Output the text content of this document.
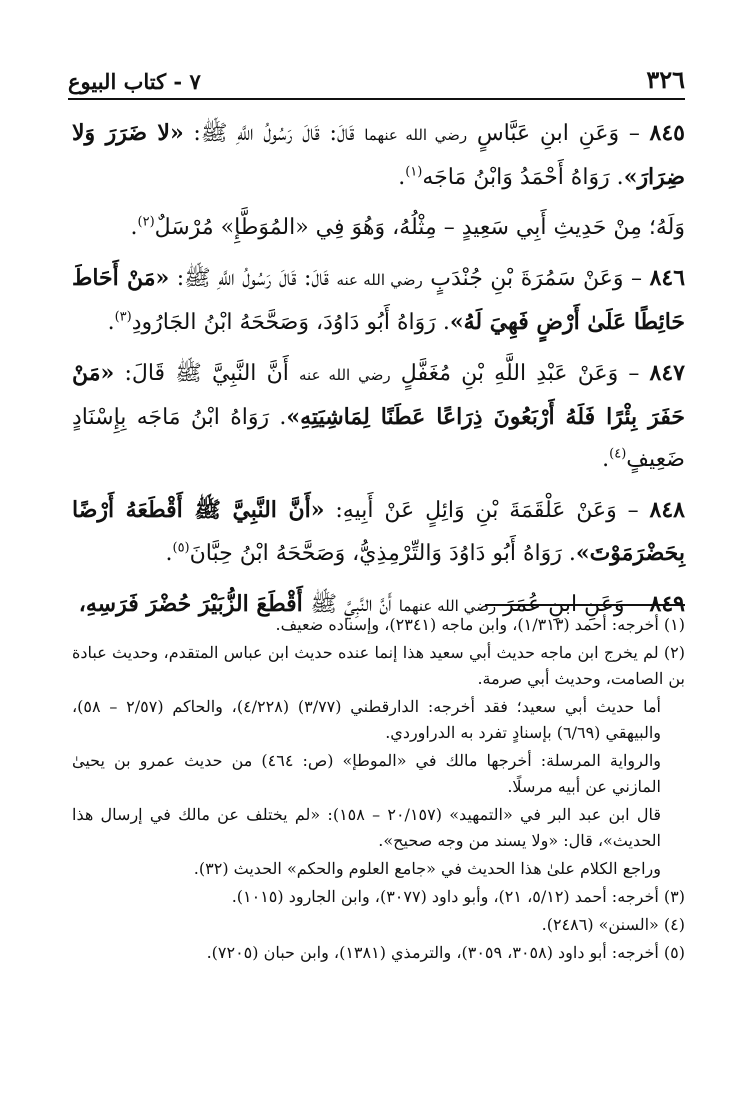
٣٢٦
٧ - كتاب البيوع

٨٤٥ – وَعَنِ ابنِ عَبَّاسٍ رضي الله عنهما قَالَ: قَالَ رَسُولُ اللَّهِ ﷺ: «لا ضَرَرَ وَلا ضِرَارَ». رَوَاهُ أَحْمَدُ وَابْنُ مَاجَه$^{(١)}$.

وَلَهُ؛ مِنْ حَدِيثِ أَبِي سَعِيدٍ – مِثْلُهُ، وَهُوَ فِي «المُوَطَّإِ» مُرْسَلٌ$^{(٢)}$.

٨٤٦ – وَعَنْ سَمُرَةَ بْنِ جُنْدَبٍ رضي الله عنه قَالَ: قَالَ رَسُولُ اللَّهِ ﷺ: «مَنْ أَحَاطَ حَائِطًا عَلَىٰ أَرْضٍ فَهِيَ لَهُ». رَوَاهُ أَبُو دَاوُدَ، وَصَحَّحَهُ ابْنُ الجَارُودِ$^{(٣)}$.

٨٤٧ – وَعَنْ عَبْدِ اللَّهِ بْنِ مُغَفَّلٍ رضي الله عنه أَنَّ النَّبِيَّ ﷺ قَالَ: «مَنْ حَفَرَ بِئْرًا فَلَهُ أَرْبَعُونَ ذِرَاعًا عَطَنًا لِمَاشِيَتِهِ». رَوَاهُ ابْنُ مَاجَه بِإِسْنَادٍ ضَعِيفٍ$^{(٤)}$.

٨٤٨ – وَعَنْ عَلْقَمَةَ بْنِ وَائِلٍ عَنْ أَبِيهِ: «أَنَّ النَّبِيَّ ﷺ أَقْطَعَهُ أَرْضًا بِحَضْرَمَوْتَ». رَوَاهُ أَبُو دَاوُدَ وَالتِّرْمِذِيُّ، وَصَحَّحَهُ ابْنُ حِبَّانَ$^{(٥)}$.

٨٤٩ – وَعَنِ ابنِ عُمَرَ رضي الله عنهما أَنَّ النَّبِيَّ ﷺ أَقْطَعَ الزُّبَيْرَ حُضْرَ فَرَسِهِ،

(١) أخرجه: أحمد (١/٣١٣)، وابن ماجه (٢٣٤١)، وإسناده ضعيف.

(٢) لم يخرج ابن ماجه حديث أبي سعيد هذا إنما عنده حديث ابن عباس المتقدم، وحديث عبادة بن الصامت، وحديث أبي صرمة.

أما حديث أبي سعيد؛ فقد أخرجه: الدارقطني (٣/٧٧) (٤/٢٢٨)، والحاكم (٢/٥٧ – ٥٨)، والبيهقي (٦/٦٩) بإسنادٍ تفرد به الدراوردي.

والرواية المرسلة: أخرجها مالك في «الموطإ» (ص: ٤٦٤) من حديث عمرو بن يحيىٰ المازني عن أبيه مرسلًا.

قال ابن عبد البر في «التمهيد» (٢٠/١٥٧ – ١٥٨): «لم يختلف عن مالك في إرسال هذا الحديث»، قال: «ولا يسند من وجه صحيح».

وراجع الكلام علىٰ هذا الحديث في «جامع العلوم والحكم» الحديث (٣٢).

(٣) أخرجه: أحمد (٥/١٢، ٢١)، وأبو داود (٣٠٧٧)، وابن الجارود (١٠١٥).

(٤) «السنن» (٢٤٨٦).

(٥) أخرجه: أبو داود (٣٠٥٨، ٣٠٥٩)، والترمذي (١٣٨١)، وابن حبان (٧٢٠٥).
